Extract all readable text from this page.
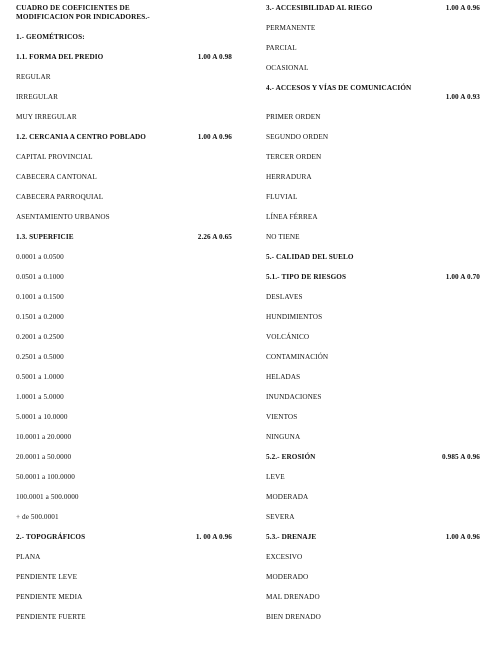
CUADRO DE COEFICIENTES DE MODIFICACION POR INDICADORES.-
1.- GEOMÉTRICOS:
1.1. FORMA DEL PREDIO	1.00 A 0.98
REGULAR
IRREGULAR
MUY IRREGULAR
1.2. CERCANIA A CENTRO POBLADO	1.00 A 0.96
CAPITAL PROVINCIAL
CABECERA CANTONAL
CABECERA PARROQUIAL
ASENTAMIENTO URBANOS
1.3. SUPERFICIE	2.26 A 0.65
0.0001 a 0.0500
0.0501 a 0.1000
0.1001 a 0.1500
0.1501 a 0.2000
0.2001 a 0.2500
0.2501 a 0.5000
0.5001 a 1.0000
1.0001 a 5.0000
5.0001 a 10.0000
10.0001 a 20.0000
20.0001 a 50.0000
50.0001 a 100.0000
100.0001 a 500.0000
+ de 500.0001
2.- TOPOGRÁFICOS	1. 00 A 0.96
PLANA
PENDIENTE LEVE
PENDIENTE MEDIA
PENDIENTE FUERTE
3.- ACCESIBILIDAD AL RIEGO	1.00 A 0.96
PERMANENTE
PARCIAL
OCASIONAL
4.- ACCESOS Y VÍAS DE COMUNICACIÓN
1.00 A 0.93
PRIMER ORDEN
SEGUNDO ORDEN
TERCER ORDEN
HERRADURA
FLUVIAL
LÍNEA FÉRREA
NO TIENE
5.- CALIDAD DEL SUELO
5.1.- TIPO DE RIESGOS	1.00 A 0.70
DESLAVES
HUNDIMIENTOS
VOLCÁNICO
CONTAMINACIÓN
HELADAS
INUNDACIONES
VIENTOS
NINGUNA
5.2.- EROSIÓN	0.985 A 0.96
LEVE
MODERADA
SEVERA
5.3.- DRENAJE	1.00 A 0.96
EXCESIVO
MODERADO
MAL DRENADO
BIEN DRENADO
